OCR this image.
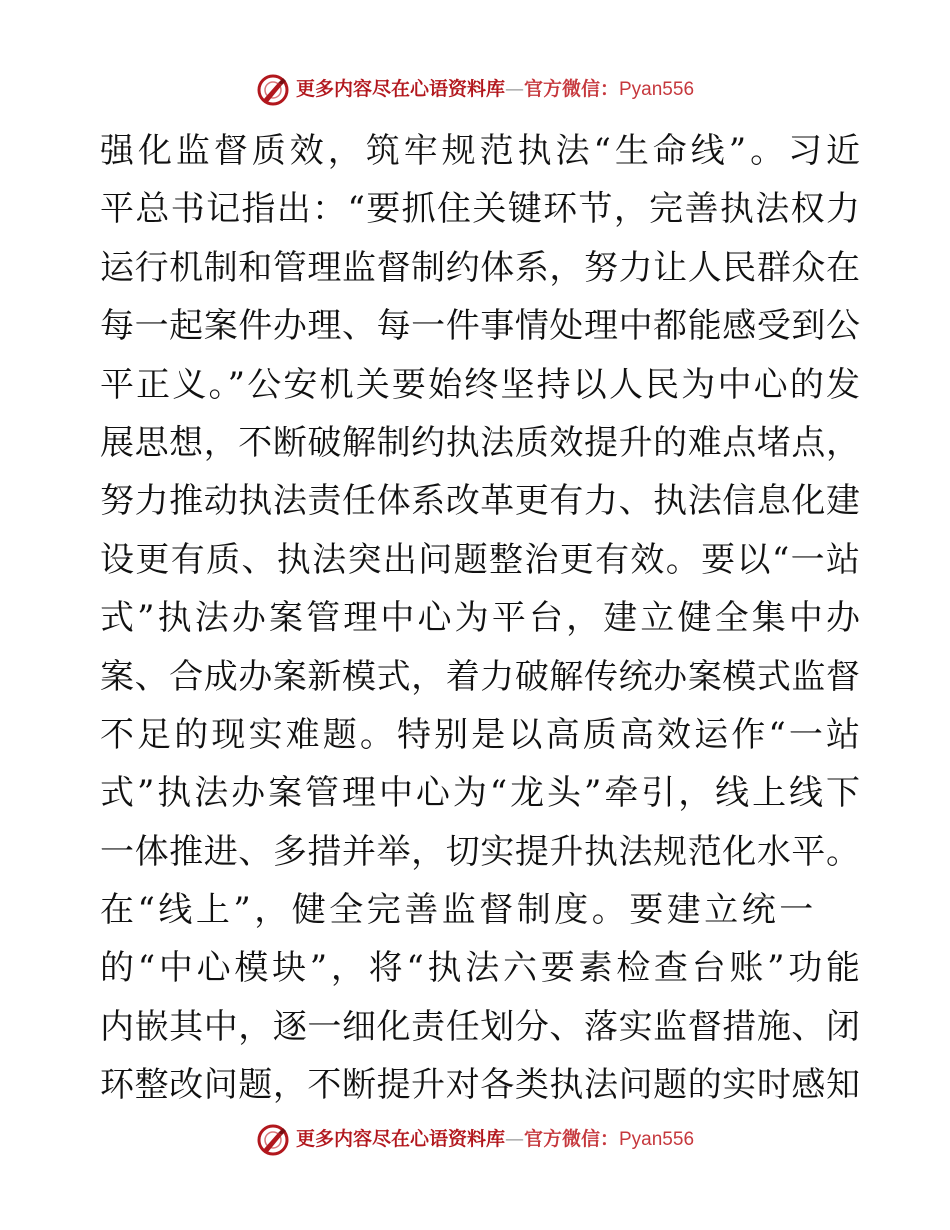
更多内容尽在心语资料库—官方微信：Pyan556
强化监督质效，筑牢规范执法“生命线”。习近
平总书记指出：“要抓住关键环节，完善执法权力
运行机制和管理监督制约体系，努力让人民群众在
每一起案件办理、每一件事情处理中都能感受到公
平正义。”公安机关要始终坚持以人民为中心的发
展思想，不断破解制约执法质效提升的难点堵点，
努力推动执法责任体系改革更有力、执法信息化建
设更有质、执法突出问题整治更有效。要以“一站
式”执法办案管理中心为平台，建立健全集中办
案、合成办案新模式，着力破解传统办案模式监督
不足的现实难题。特别是以高质高效运作“一站
式”执法办案管理中心为“龙头”牵引，线上线下
一体推进、多措并举，切实提升执法规范化水平。
在“线上”，健全完善监督制度。要建立统一
的“中心模块”，将“执法六要素检查台账”功能
内嵌其中，逐一细化责任划分、落实监督措施、闭
环整改问题，不断提升对各类执法问题的实时感知
更多内容尽在心语资料库—官方微信：Pyan556
